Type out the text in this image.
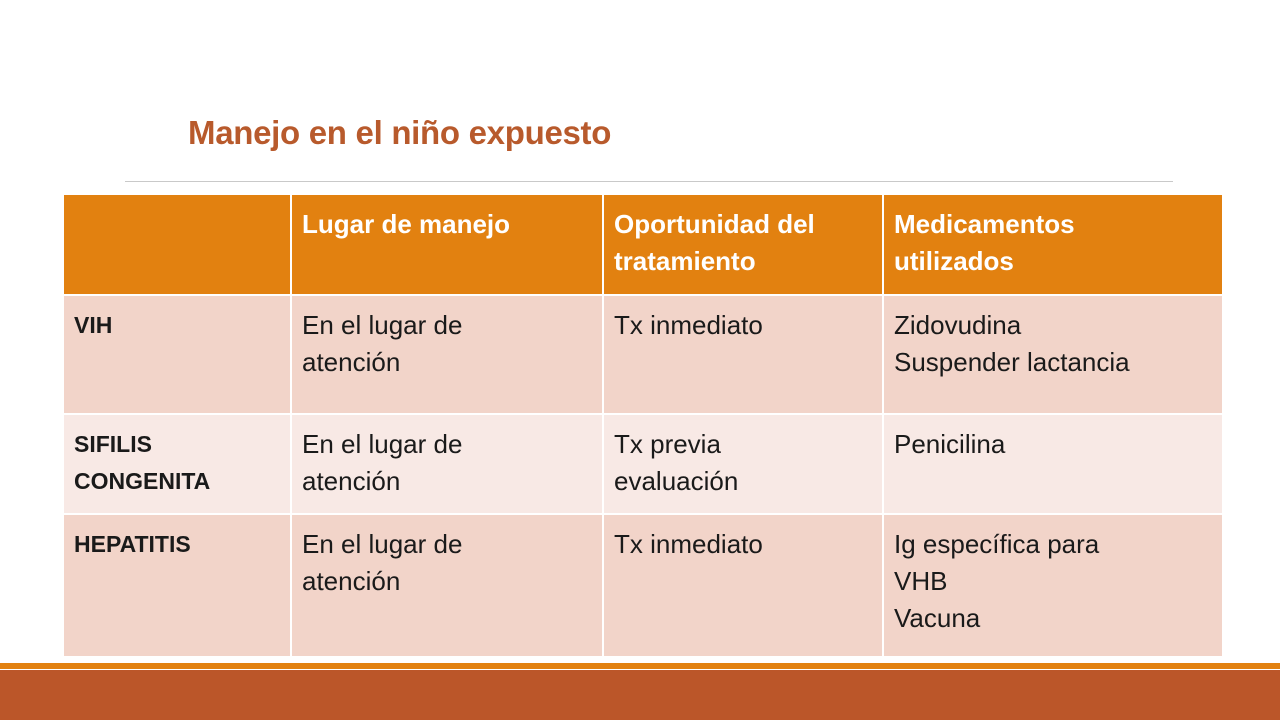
Manejo en el niño expuesto

	Lugar de manejo	Oportunidad del
tratamiento	Medicamentos
utilizados

VIH	En el lugar de
atención	Tx inmediato	Zidovudina
Suspender lactancia

SIFILIS
CONGENITA	En el lugar de
atención	Tx previa
evaluación	Penicilina

HEPATITIS	En el lugar de
atención	Tx inmediato	Ig específica para
VHB
Vacuna
